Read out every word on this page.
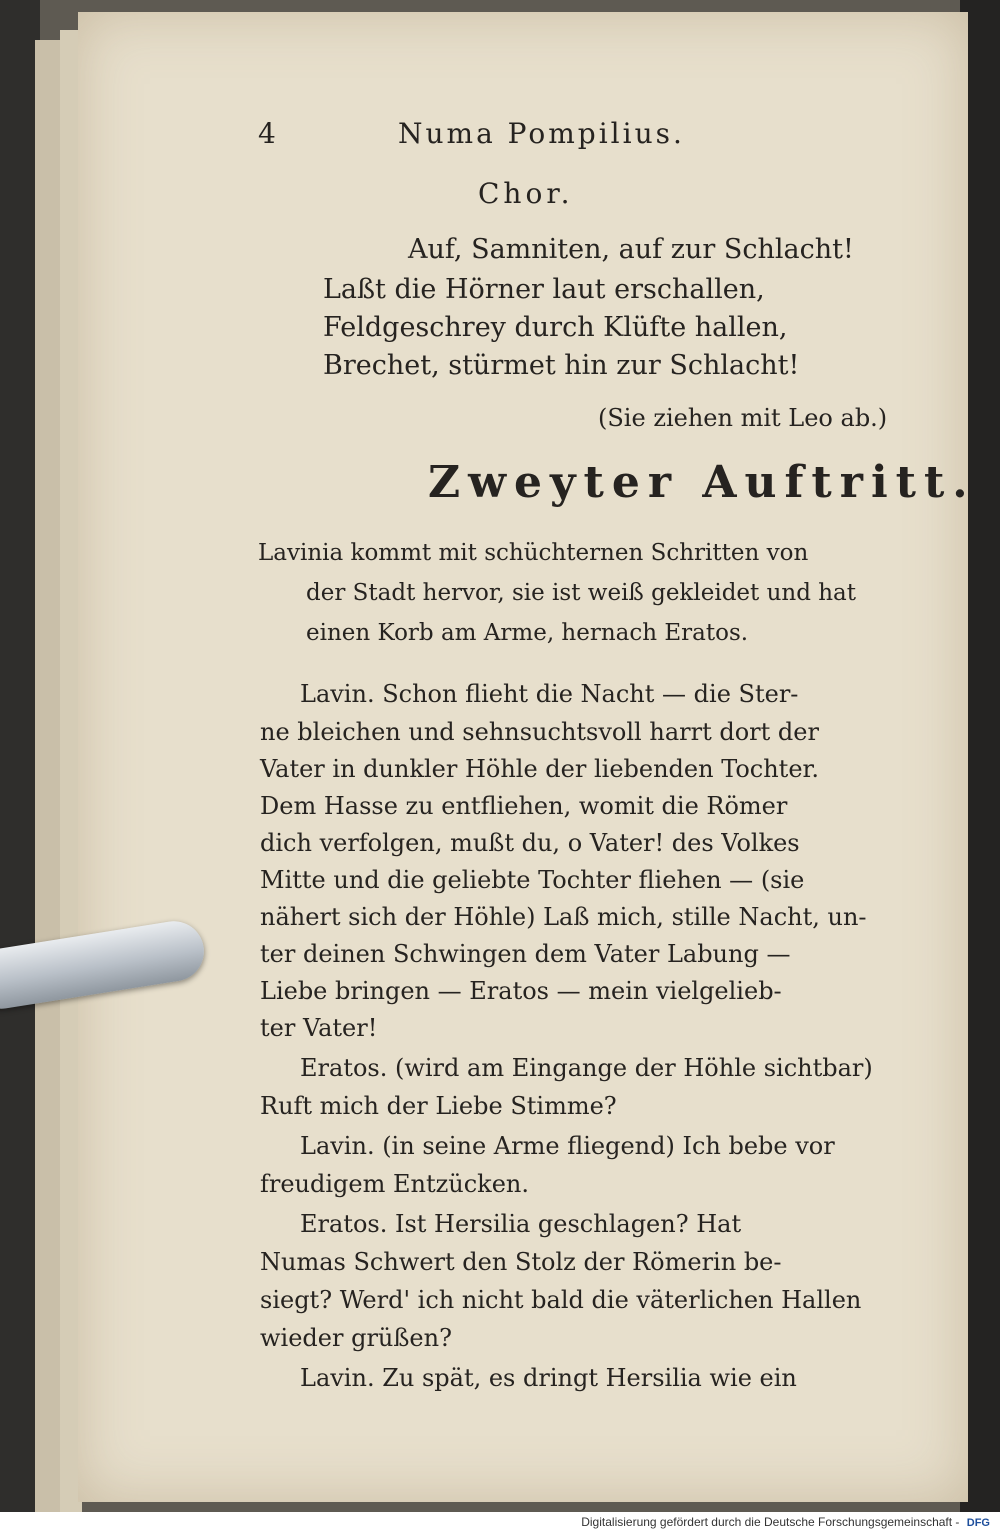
4	Numa Pompilius.
Chor.
Auf, Samniten, auf zur Schlacht!
Laßt die Hörner laut erschallen,
Feldgeschrey durch Klüfte hallen,
Brechet, stürmet hin zur Schlacht!
(Sie ziehen mit Leo ab.)
Zweyter Auftritt.
Lavinia kommt mit schüchternen Schritten von
der Stadt hervor, sie ist weiß gekleidet und hat
einen Korb am Arme, hernach Eratos.
Lavin. Schon flieht die Nacht — die Ster-
ne bleichen und sehnsuchtsvoll harrt dort der
Vater in dunkler Höhle der liebenden Tochter.
Dem Hasse zu entfliehen, womit die Römer
dich verfolgen, mußt du, o Vater! des Volkes
Mitte und die geliebte Tochter fliehen — (sie
nähert sich der Höhle) Laß mich, stille Nacht, un-
ter deinen Schwingen dem Vater Labung —
Liebe bringen — Eratos — mein vielgelieb-
ter Vater!
Eratos. (wird am Eingange der Höhle sichtbar)
Ruft mich der Liebe Stimme?
Lavin. (in seine Arme fliegend) Ich bebe vor
freudigem Entzücken.
Eratos. Ist Hersilia geschlagen? Hat
Numas Schwert den Stolz der Römerin be-
siegt? Werd' ich nicht bald die väterlichen Hallen
wieder grüßen?
Lavin. Zu spät, es dringt Hersilia wie ein
Digitalisierung gefördert durch die Deutsche Forschungsgemeinschaft - DFG
